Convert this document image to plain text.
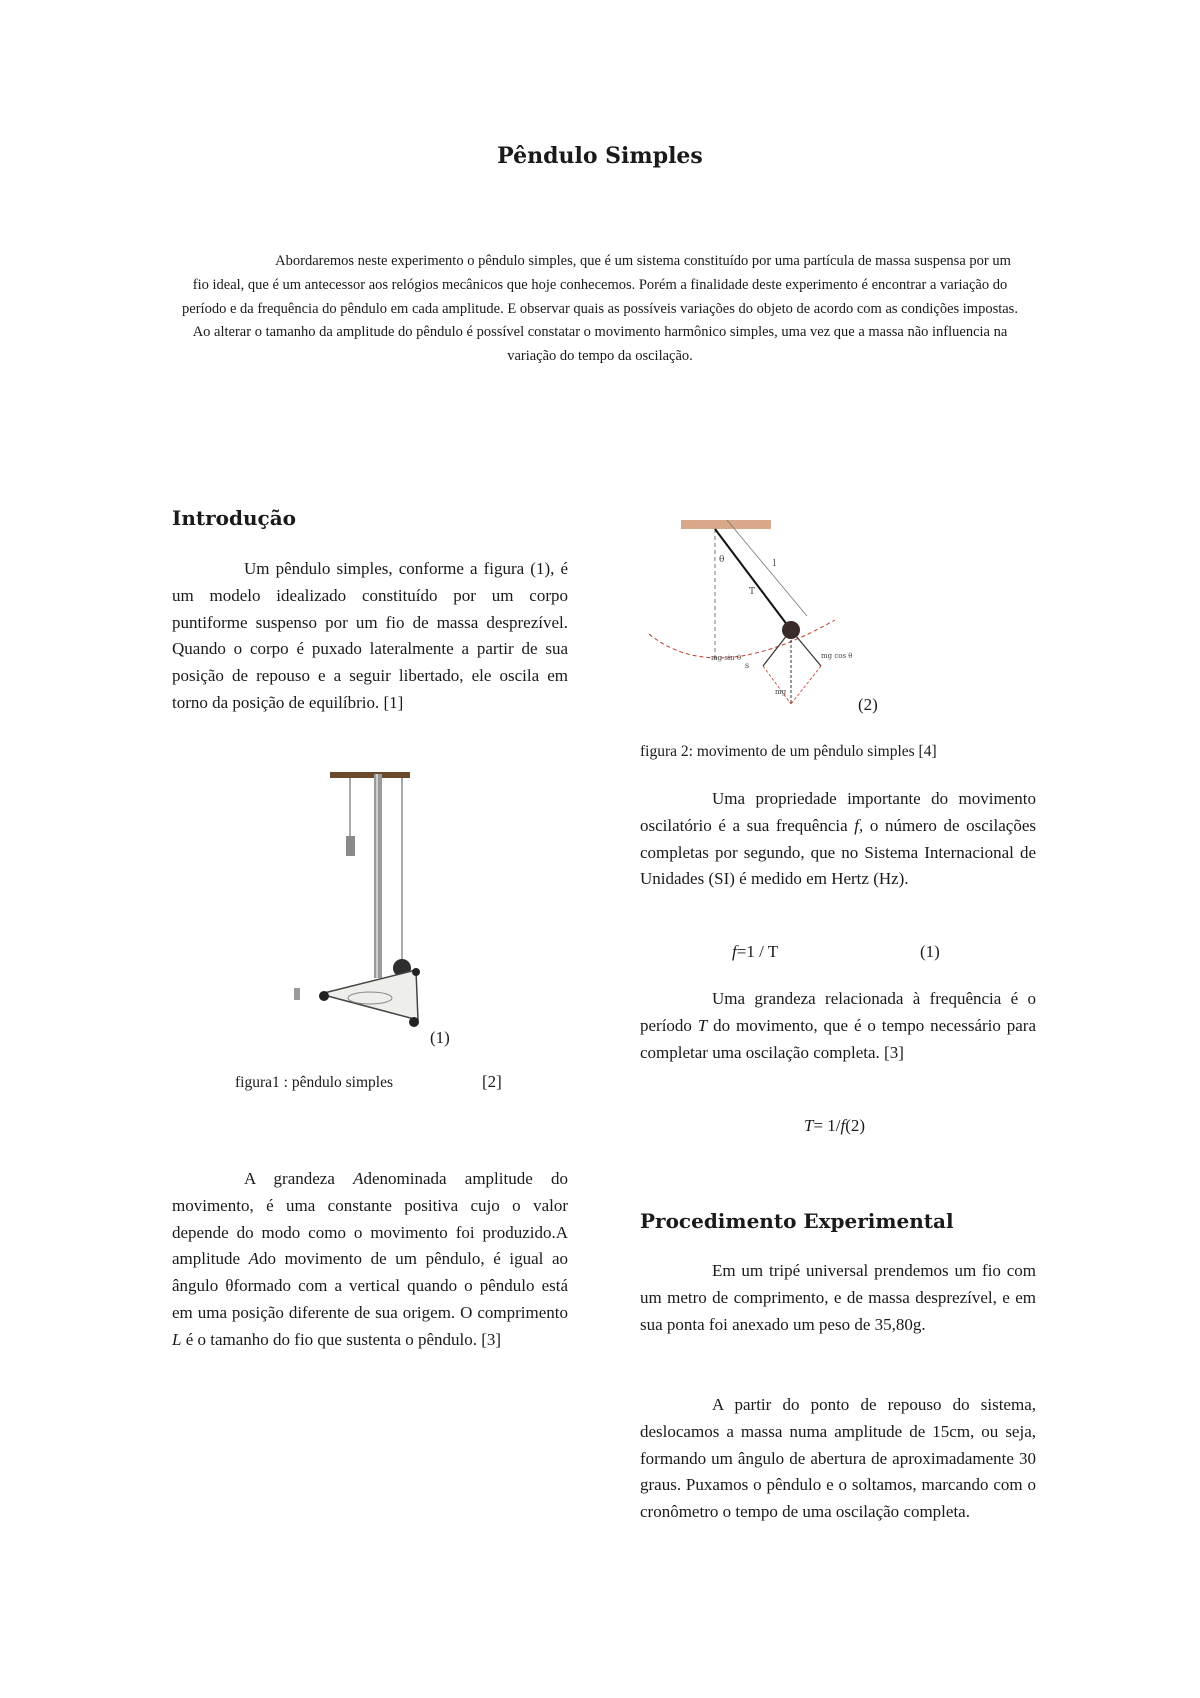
Pêndulo Simples
Abordaremos neste experimento o pêndulo simples, que é um sistema constituído por uma partícula de massa suspensa por um fio ideal, que é um antecessor aos relógios mecânicos que hoje conhecemos. Porém a finalidade deste experimento é encontrar a variação do período e da frequência do pêndulo em cada amplitude. E observar quais as possíveis variações do objeto de acordo com as condições impostas. Ao alterar o tamanho da amplitude do pêndulo é possível constatar o movimento harmônico simples, uma vez que a massa não influencia na variação do tempo da oscilação.
Introdução

Um pêndulo simples, conforme a figura (1), é um modelo idealizado constituído por um corpo puntiforme suspenso por um fio de massa desprezível. Quando o corpo é puxado lateralmente a partir de sua posição de repouso e a seguir libertado, ele oscila em torno da posição de equilíbrio. [1]

(1)
figura1 : pêndulo simples	[2]

A grandeza Adenominada amplitude do movimento, é uma constante positiva cujo o valor depende do modo como o movimento foi produzido.A amplitude Ado movimento de um pêndulo, é igual ao ângulo θformado com a vertical quando o pêndulo está em uma posição diferente de sua origem. O comprimento L é o tamanho do fio que sustenta o pêndulo. [3]

θ	l
T
s
mg sin θ	mg cos θ
mg
(2)
figura 2: movimento de um pêndulo simples [4]

Uma propriedade importante do movimento oscilatório é a sua frequência f, o número de oscilações completas por segundo, que no Sistema Internacional de Unidades (SI) é medido em Hertz (Hz).

f=1 / T	(1)

Uma grandeza relacionada à frequência é o período T do movimento, que é o tempo necessário para completar uma oscilação completa. [3]

T= 1/f(2)
Procedimento Experimental

Em um tripé universal prendemos um fio com um metro de comprimento, e de massa desprezível, e em sua ponta foi anexado um peso de 35,80g.

A partir do ponto de repouso do sistema, deslocamos a massa numa amplitude de 15cm, ou seja, formando um ângulo de abertura de aproximadamente 30 graus. Puxamos o pêndulo e o soltamos, marcando com o cronômetro o tempo de uma oscilação completa.
